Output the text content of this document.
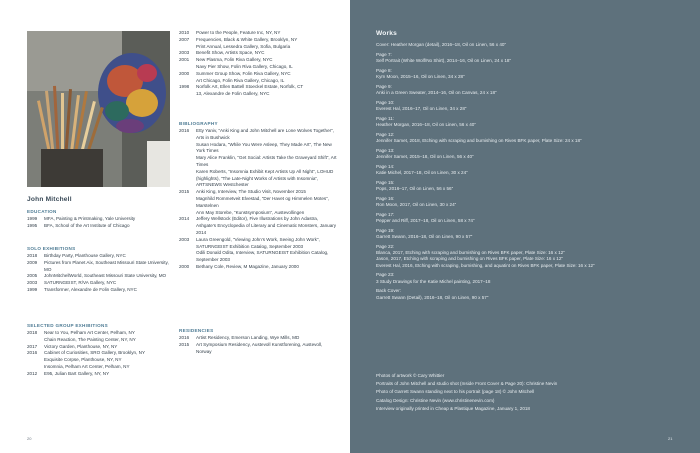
John Mitchell
EDUCATION
1999	MFA, Painting & Printmaking, Yale University
1995	BFA, School of the Art Institute of Chicago
SOLO EXHIBITIONS
2018	Birthday Party, Planthouse Gallery, NYC
2009	Pictures from Planet Aix, Southeast Missouri State University, MO
2005	JohnMitchellWorld, Southeast Missouri State University, MO
2003	SATURNGEIST, R/VA Gallery, NYC
1999	Transformer, Alexandre de Folin Gallery, NYC
SELECTED GROUP EXHIBITIONS
2018	Near to You, Pelham Art Center, Pelham, NY
Chain Reaction, The Painting Center, NY, NY
2017	Victory Garden, Planthouse, NY, NY
2016	Cabinet of Curiosities, SRO Gallery, Brooklyn, NY
Exquisite Corpse, Planthouse, NY, NY
Insomnia, Pelham Art Center, Pelham, NY
2012	E95, Julian Bart Gallery, NY, NY
2010	Power to the People, Feature Inc, NY, NY
2007	Frequencies, Black & White Gallery, Brooklyn, NY
Print Annual, Lessedra Gallery, Sofia, Bulgaria
2003	Benefit Show, Artists Space, NYC
2001	New Plasma, Folin Riva Gallery, NYC
Navy Pier Show, Folin Riva Gallery, Chicago, IL
2000	Summer Group Show, Folin Riva Gallery, NYC
Art Chicago, Folin Riva Gallery, Chicago, IL
1998	Norfolk Art, Ellen Battell Stoeckel Estate, Norfolk, CT
13, Alexandre de Folin Gallery, NYC
BIBLIOGRAPHY
2016	Etty Yaniv, “Anki King and John Mitchell are Lone Wolves Together”, Arts in Bushwick
Susan Hodara, “While You Were Asleep, They Made Art”, The New York Times
Mary Alice Franklin, “Get Social: Artists Take the Graveyard Shift”, Art Times
Karen Roberts, “Insomnia Exhibit Kept Artists Up All Night”, LOHUD
(highlights), “The Late-Night Works of Artists with Insomnia”, ARTSNEWS Westchester
2015	Anki King, Interview, The Studio Visit, November 2015
Magnhild Rommetveit Elvestad, “Der Havet og Himmelen Motes”, Marstelnen
Ann May Storebe, “Kunstsymposium”, Austevollingen
2014	Jeffery Wellstock (Editor), Five Illustrations by John Adastra, Ashgate’s Encyclopedia of Literary and Cinematic Monsters, January 2014
2003	Laura Greengold, “Viewing John’s Work, Seeing John Work”, SATURNGEIST Exhibition Catalog, September 2003
Odili Donald Odita, Interview, SATURNGEIST Exhibition Catalog, September 2003
2000	Bethany Cole, Review, M Magazine, January 2000
RESIDENCIES
2016	Artist Residency, Emerson Landing, Wye Mills, MD
2015	Art Symposium Residency, Austevoll Kunstforening, Austevoll, Norway
20
Works
Cover: Heather Morgan (detail), 2016–18, Oil on Linen, 56 x 40”
Page 7:
Self Portrait (White Wolf/No Shirt), 2014–16, Oil on Linen, 24 x 18”
Page 8:
Kym Moon, 2015–16, Oil on Linen, 34 x 28”
Page 9:
Anki in a Green Sweater, 2014–16, Oil on Canvas, 24 x 18”
Page 10:
Everest Hal, 2016–17, Oil on Linen, 34 x 28”
Page 11:
Heather Morgan, 2016–18, Oil on Linen, 56 x 40”
Page 12:
Jennifer Samet, 2018, Etching with scraping and burnishing on Rives BFK paper, Plate Size: 24 x 18”
Page 13:
Jennifer Samet, 2015–18, Oil on Linen, 56 x 40”
Page 14:
Katie Michel, 2017–18, Oil on Linen, 30 x 24”
Page 15:
Pops, 2016–17, Oil on Linen, 56 x 56”
Page 16:
Ron Moon, 2017, Oil on Linen, 30 x 24”
Page 17:
Pepper and Riff, 2017–18, Oil on Linen, 58 x 74”
Page 19:
Garrett Swann, 2016–18, Oil on Linen, 90 x 57”
Page 22:
Blanca, 2017, Etching with scraping and burnishing on Rives BFK paper, Plate Size: 16 x 12”
Jason, 2017, Etching with scraping and burnishing on Rives BFK paper, Plate Size: 16 x 12”
Everest Hal, 2016, Etching with scraping, burnishing, and aquatint on Rives BFK paper, Plate Size: 16 x 12”
Page 23:
3 Study Drawings for the Katie Michel painting, 2017–18
Back Cover:
Garrett Swann (Detail), 2016–18, Oil on Linen, 90 x 57”
Photos of artwork © Cary Whittier
Portraits of John Mitchell and studio shot (Inside Front Cover & Page 20): Christine Nevin
Photo of Garrett Swann standing next to his portrait (page 18) © John Mitchell
Catalog Design: Christine Nevin (www.christinenevin.com)
Interview originally printed in Cheap & Plastique Magazine, January 1, 2018
21
